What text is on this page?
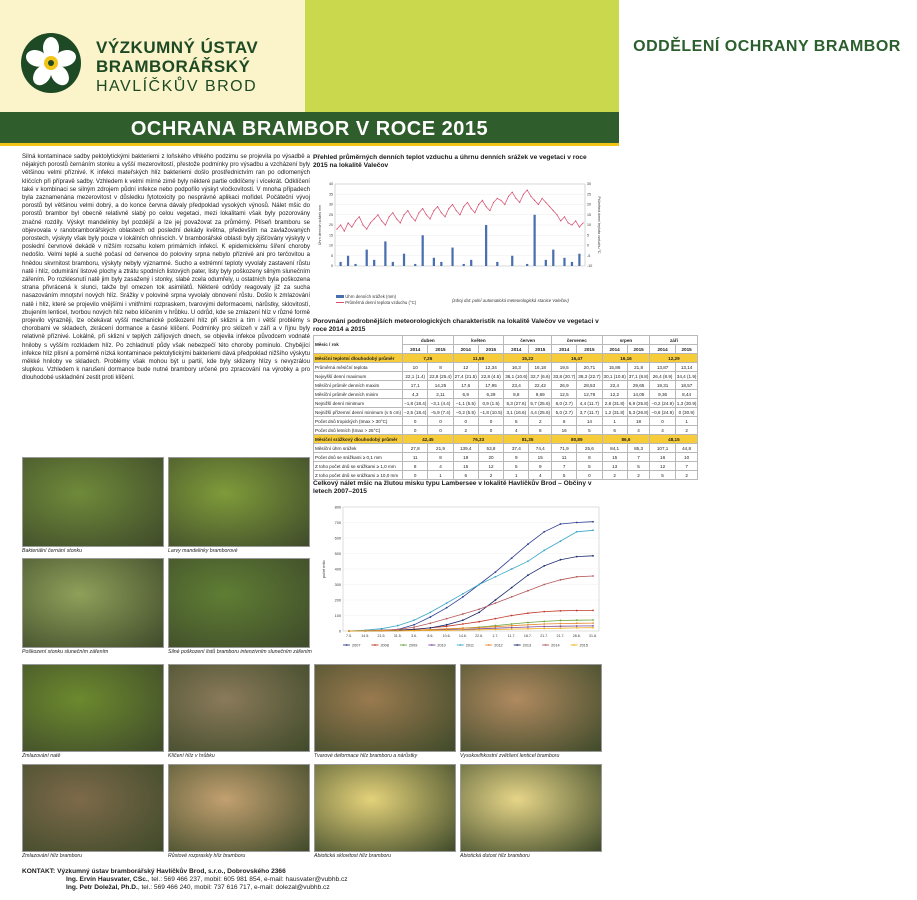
VÝZKUMNÝ ÚSTAV
BRAMBORÁŘSKÝ
HAVLÍČKŮV BROD
ODDĚLENÍ OCHRANY BRAMBOR
www.vubhb.cz
OCHRANA BRAMBOR V ROCE 2015
Silná kontaminace sadby pektolytickými bakteriemi z loňského vlhkého podzimu se projevila po výsadbě a nějakých porostů černáním stonku a vyšší mezerovitostí, přestože podmínky pro výsadbu a vzcházení byly většinou velmi příznivé. K infekci mateřských hlíz bakteriemi došlo prostřednictvím ran po odlomených klíčcích při přípravě sadby. Vzhledem k velmi mírné zimě byly některé partie odklíčeny i vícekrát. Odklíčení také v kombinaci se silným zdrojem půdní infekce nebo podpořilo výskyt vločkovitosti. V mnoha případech byla zaznamenána mezerovitost v důsledku fytotoxicity po nesprávné aplikaci mořidel. Počáteční vývoj porostů byl většinou velmi dobrý, a do konce června dávaly předpoklad vysokých výnosů. Nálet mšic do porostů brambor byl obecně relativně slabý po celou vegetaci, mezi lokalitami však byly pozorovány značné rozdíly. Výskyt mandelinky byl pozdější a lze jej považovat za průměrný. Plíseň bramboru se objevovala v ranobramborářských oblastech od poslední dekády května, především na zavlažovaných porostech, výskyty však byly pouze v lokálních ohniscích. V bramborářské oblasti byly zjišťovány výskyty v poslední červnové dekádě v nižším rozsahu kolem primárních infekcí. K epidemickému šíření choroby nedošlo. Velmi teplé a suché počasí od července do poloviny srpna nebylo příznivé ani pro terčovitou a hnědou skvrnitost bramboru, výskyty nebyly významné. Sucho a extrémní teploty vyvolaly zastavení růstu natě i hlíz, odumírání listové plochy a ztrátu spodních listových pater, listy byly poškozeny silným slunečním zářením. Po rozklesnutí natě jim byly zasažený i stonky, slabé zcela odumřely, u ostatních byla poškozena strana přivrácená k slunci, takže byl omezen tok asimilátů. Některé odrůdy reagovaly již za sucha nasazováním mnoţství nových hlíz. Srážky v polovině srpna vyvolaly obnovení růstu. Došlo k zmlazování natě i hlíz, které se projevilo vnějšími i vnitřními rozpraskem, tvarovými deformacemi, nárůstky, sklovitostí, zbujením lenticel, tvorbou nových hlíz nebo klíčením v hrůbku. U odrůd, kde se zmlazení hlíz v různé formě projevilo výrazněji, lze očekávat vyšší mechanické poškození hlíz při sklizni a tím i větší problémy s chorobami ve skladech, zkrácení dormance a časné klíčení. Podmínky pro sklizeň v září a v říjnu byly relativně příznivé. Lokálně, při sklizni v teplých zářijových dnech, se objevila infekce původcem vodnaté hniloby s vyšším rozkladem hlíz. Po zchladnutí půdy však nebezpečí této choroby pominulo. Chybějící infekce hlíz plísní a poměrně nízká kontaminace pektolytickými bakteriemi dává předpoklad nižšího výskytu měkké hniloby ve skladech. Problémy však mohou být u partií, kde byly sklizeny hlízy s nevyzrálou slupkou. Vzhledem k narušení dormance bude nutné brambory určené pro zpracování na výrobky a pro dlouhodobé uskladnění zestit proti klíčení.
Přehled průměrných denních teplot vzduchu a úhrnu denních srážek ve vegetaci v roce 2015 na lokalitě Valečov
0
5
10
15
20
25
30
35
40
-10
-5
0
5
10
15
20
25
30
Úhrn denních srážek mm	Průměrná denní teplota vzduchu °C
Úhrn denních srážek (mm)
Průměrná denní teplota vzduchu (°C)	(zdroj dat: polní automatická meteorologická stanice Valečov)
Porovnání podrobnějších meteorologických charakteristik na lokalitě Valečov ve vegetaci v roce 2014 a 2015
Měsíc / rok	duben		květen		červen		červenec		srpen		září	
	2014	2015	2014	2015	2014	2015	2014	2015	2014	2015	2014	2015
Měsíční teplotní dlouhodobý průměr	7,26		11,58		15,22		16,47		16,16		12,29	
Průměrná měsíční teplota	10	8	12	12,34	16,3	16,18	19,5	20,71	15,86	21,8	13,87	13,14
Nejvyšší denní maximum	22,1 (1.4)	22,8 (25.4)	27,4 (21.5)	22,8 (4.5)	36,1 (10.6)	32,7 (6.6)	33,8 (20.7)	38,3 (22.7)	30,1 (10.8)	37,1 (8.8)	26,4 (8.9)	34,4 (1.9)
Měsíční průměr denních maxim	17,1	14,25	17,6	17,95	23,4	22,42	26,9	28,53	22,4	29,65	19,31	18,57
Měsíční průměr denních minim	4,3	2,11	6,9	6,29	8,8	9,69	12,5	12,78	12,2	14,05	9,36	8,44
Nejnižší denní minimum	−1,8 (18.4)	−3,1 (4.4)	−1,1 (5.5)	0,9 (1.5)	5,3 (27.6)	5,7 (25.6)	6,0 (2.7)	4,4 (11.7)	2,8 (31.8)	6,9 (25.8)	−0,2 (24.9)	1,3 (30.9)
Nejnižší přízemní denní minimum (v 5 cm)	−2,5 (18.4)	−5,9 (7.4)	−0,2 (5.5)	−1,8 (10.5)	3,1 (16.6)	4,4 (25.6)	5,0 (2.7)	3,7 (11.7)	1,2 (31.8)	5,3 (26.8)	−0,6 (24.9)	0 (30.9)
Počet dnů tropických (tmax > 30°C)	0	0	0	0	5	2	6	14	1	18	0	1
Počet dnů letních (tmax > 25°C)	0	0	2	0	4	8	16	5	6	4	4	2
Měsíční srážkový dlouhodobý průměr	42,45		76,33		81,35		80,89		86,6		48,15	
Měsíční úhrn srážek	27,8	21,9	139,4	53,8	37,4	74,4	71,9	25,6	84,1	85,3	107,1	44,8
Počet dnů se srážkami ≥ 0,1 mm	11	8	19	20	9	15	11	8	15	7	16	10
Z toho počet dnů se srážkami ≥ 1,0 mm	8	4	15	12	5	9	7	5	13	5	12	7
Z toho počet dnů se srážkami ≥ 10,0 mm	0	1	6	2	1	4	5	0	2	2	5	2
Celkový nálet mšic na žlutou misku typu Lambersee v lokalitě Havlíčkův Brod – Občiny v letech 2007–2015
0
100
200
300
400
500
600
700
800
7.5.	14.5. 21.5. 31.5.	3.6.	8.6.	10.6. 14.6. 22.6.	1.7.	11.7. 18.7. 21.7. 21.7. 28.8. 31.8.
počet mšic
2007	2008	2009	2010	2011	2012	2013	2014	2015
Bakteriální černání stonku	Larvy mandelinky bramborové
Poškození stonku slunečním zářením	Silné poškození listů bramboru intenzivním slunečním zářením
Zmlazování natě	Klíčení hlíz v hrůbku	Tvarové deformace hlíz bramboru a nárůstky	Vysokovlhkostní zvětšení lenticel bramboru
Zmlazování hlíz bramboru	Růstové rozpraskly hlíz bramboru	Abiotická sklovitost hlíz bramboru	Abiotická dutost hlíz bramboru
KONTAKT: Výzkumný ústav bramborářský Havlíčkův Brod, s.r.o., Dobrovského 2366
Ing. Ervín Hausvater, CSc., tel.: 569 466 237, mobil: 605 981 854, e-mail: hausvater@vubhb.cz
Ing. Petr Doležal, Ph.D., tel.: 569 466 240, mobil: 737 616 717, e-mail: dolezal@vubhb.cz
